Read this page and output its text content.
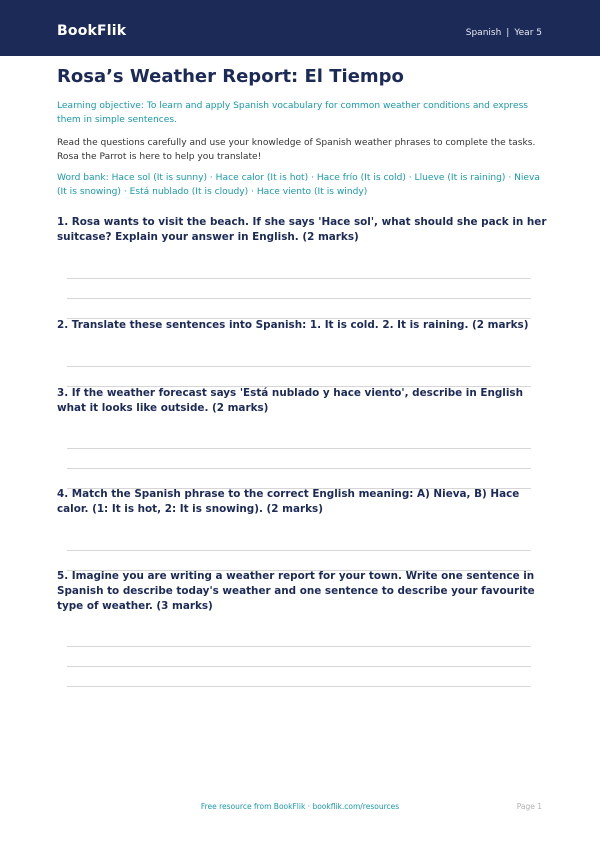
BookFlik	Spanish | Year 5
Rosa’s Weather Report: El Tiempo

Learning objective: To learn and apply Spanish vocabulary for common weather conditions and express them in simple sentences.

Read the questions carefully and use your knowledge of Spanish weather phrases to complete the tasks. Rosa the Parrot is here to help you translate!

Word bank: Hace sol (It is sunny) · Hace calor (It is hot) · Hace frío (It is cold) · Llueve (It is raining) · Nieva (It is snowing) · Está nublado (It is cloudy) · Hace viento (It is windy)

1. Rosa wants to visit the beach. If she says 'Hace sol', what should she pack in her suitcase? Explain your answer in English. (2 marks)

2. Translate these sentences into Spanish: 1. It is cold. 2. It is raining. (2 marks)

3. If the weather forecast says 'Está nublado y hace viento', describe in English what it looks like outside. (2 marks)

4. Match the Spanish phrase to the correct English meaning: A) Nieva, B) Hace calor. (1: It is hot, 2: It is snowing). (2 marks)

5. Imagine you are writing a weather report for your town. Write one sentence in Spanish to describe today's weather and one sentence to describe your favourite type of weather. (3 marks)

Free resource from BookFlik · bookflik.com/resources	Page 1
